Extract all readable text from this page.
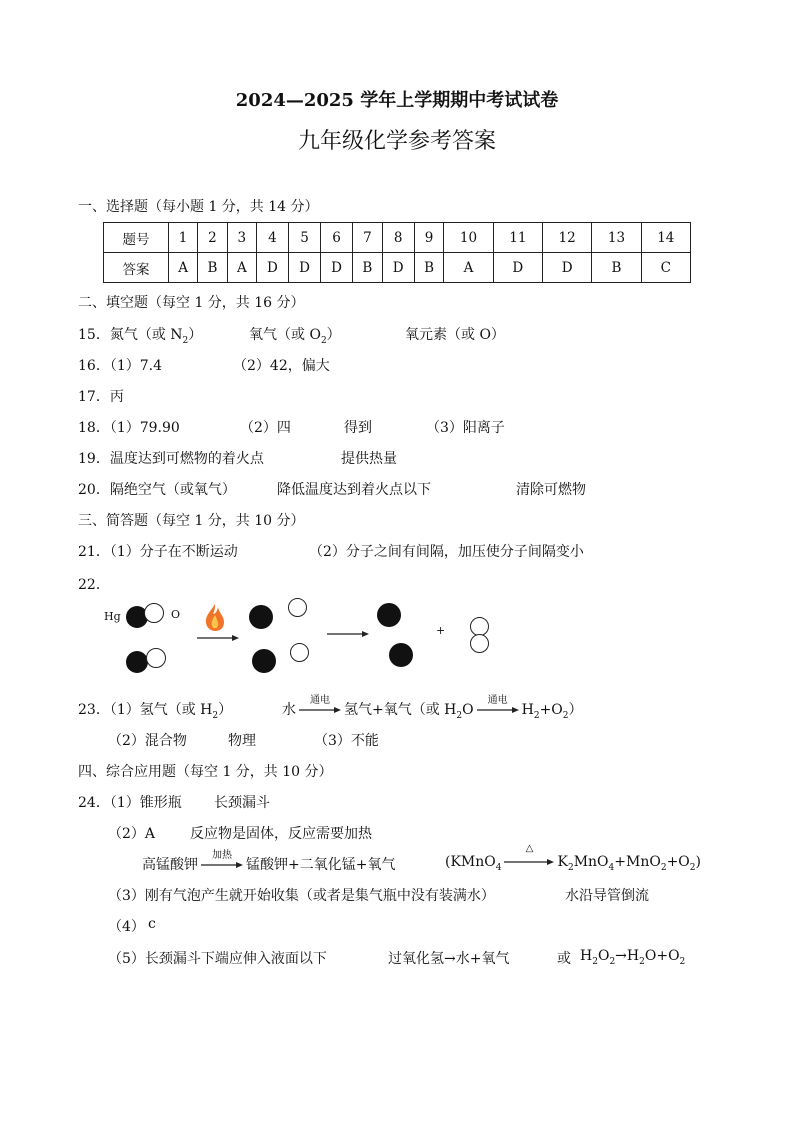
2024—2025 学年上学期期中考试试卷
九年级化学参考答案
一、选择题（每小题 1 分，共 14 分）
题号	1	2	3	4	5	6	7	8	9	10	11	12	13	14
答案	A	B	A	D	D	D	B	D	B	A	D	D	B	C
二、填空题（每空 1 分，共 16 分）
15．氮气（或 $N_2$）	氧气（或 $O_2$）	氧元素（或 O）
16．（1）7.4	（2）42，偏大
17．丙
18．（1）79.90	（2）四	得到	（3）阳离子
19．温度达到可燃物的着火点	提供热量
20．隔绝空气（或氧气）	降低温度达到着火点以下	清除可燃物
三、简答题（每空 1 分，共 10 分）
21．（1）分子在不断运动	（2）分子之间有间隔，加压使分子间隔变小
22．
Hg	O
+
23．（1）氢气（或 $H_2$）	水
通电
氢气+氧气（或 $H_2O$
通电
$H_2+O_2$）
（2）混合物	物理	（3）不能
四、综合应用题（每空 1 分，共 10 分）
24．（1）锥形瓶 长颈漏斗
（2）A 反应物是固体，反应需要加热
高锰酸钾
加热
锰酸钾+二氧化锰+氧气	(KMnO$_4$
△
$K_2MnO_4+MnO_2+O_2$)
（3）刚有气泡产生就开始收集（或者是集气瓶中没有装满水）	水沿导管倒流
（4） c
（5）长颈漏斗下端应伸入液面以下	过氧化氢→水+氧气	或 $H_2O_2\to H_2O+O_2$
